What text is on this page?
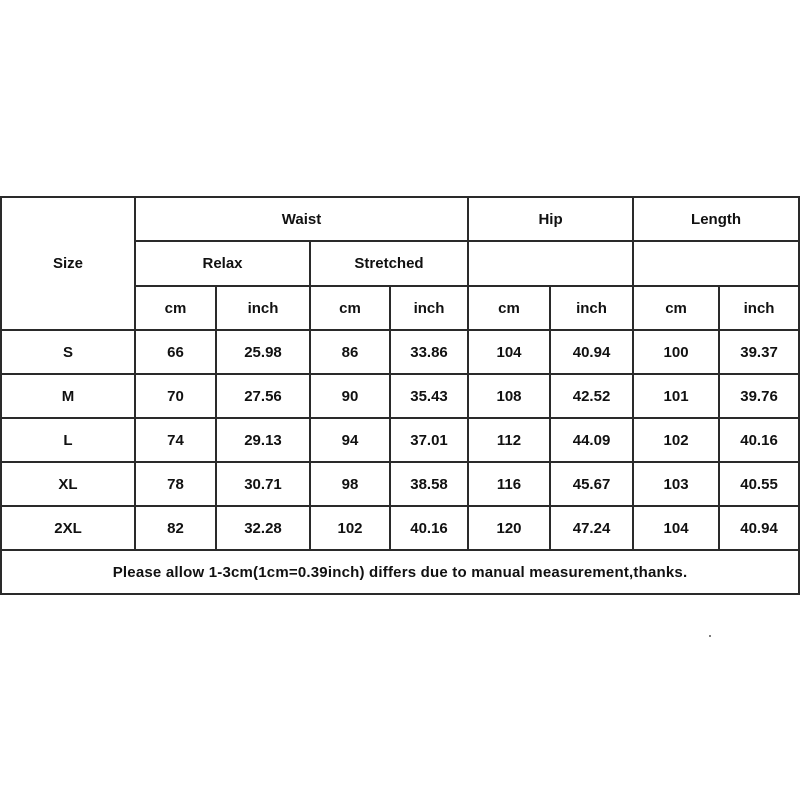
Size	Waist				Hip		Length	
	Relax		Stretched					
	cm	inch	cm	inch	cm	inch	cm	inch
S	66	25.98	86	33.86	104	40.94	100	39.37
M	70	27.56	90	35.43	108	42.52	101	39.76
L	74	29.13	94	37.01	112	44.09	102	40.16
XL	78	30.71	98	38.58	116	45.67	103	40.55
2XL	82	32.28	102	40.16	120	47.24	104	40.94
Please allow 1-3cm(1cm=0.39inch) differs due to manual measurement,thanks.								
